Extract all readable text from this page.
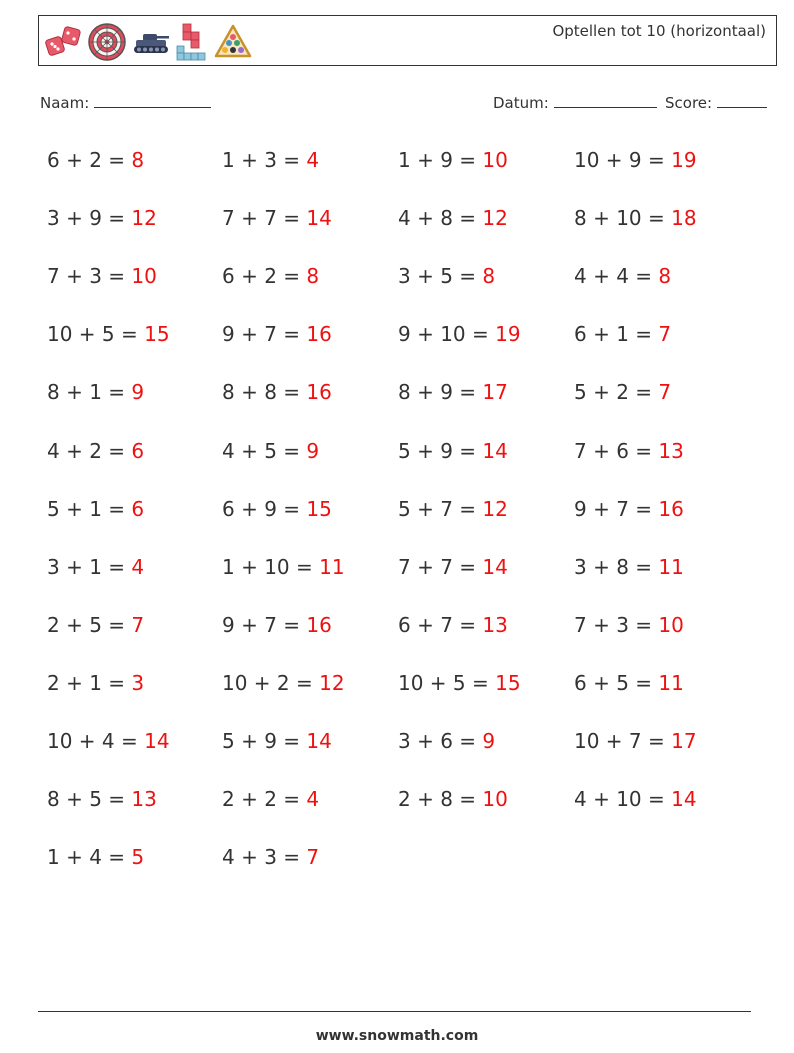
Optellen tot 10 (horizontaal)
Naam:	Datum:	Score:
6 + 2 = 8
3 + 9 = 12
7 + 3 = 10
10 + 5 = 15
8 + 1 = 9
4 + 2 = 6
5 + 1 = 6
3 + 1 = 4
2 + 5 = 7
2 + 1 = 3
10 + 4 = 14
8 + 5 = 13
1 + 4 = 5
1 + 3 = 4
7 + 7 = 14
6 + 2 = 8
9 + 7 = 16
8 + 8 = 16
4 + 5 = 9
6 + 9 = 15
1 + 10 = 11
9 + 7 = 16
10 + 2 = 12
5 + 9 = 14
2 + 2 = 4
4 + 3 = 7
1 + 9 = 10
4 + 8 = 12
3 + 5 = 8
9 + 10 = 19
8 + 9 = 17
5 + 9 = 14
5 + 7 = 12
7 + 7 = 14
6 + 7 = 13
10 + 5 = 15
3 + 6 = 9
2 + 8 = 10
10 + 9 = 19
8 + 10 = 18
4 + 4 = 8
6 + 1 = 7
5 + 2 = 7
7 + 6 = 13
9 + 7 = 16
3 + 8 = 11
7 + 3 = 10
6 + 5 = 11
10 + 7 = 17
4 + 10 = 14
www.snowmath.com
